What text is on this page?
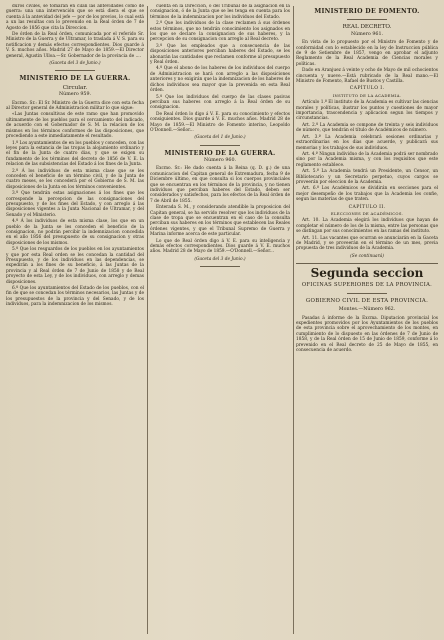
duros civiles, se tomarán en cilan las antevidades como de guerra: una una intervención que se está diera el que se cuenta á la antevidad del jefe — por de los previos, lo cual está a un las resultas con lo prevenido en la Real órden de 7 de Agosto de 1856 que cita la Direccion.

De órden de la Real órden, comunicada por el referido Sr. Ministro de la Guerra y de Ultramar, lo traslada á V. S. para su notificacion y demás efectos correspondientes. Dios guarde á V. S. muchos años. Madrid 27 de Mayo de 1859.—El Director general, Agustin Ulloa.—Sr. Gobernador de la provincia de ....

(Gaceta del 3 de Junio.)

MINISTERIO DE LA GUERRA.

Circular.

Número 959.

Excmo. Sr.: El Sr. Ministro de la Guerra dice con esta fecha al Director general de Administracion militar lo que sigue:

«Las Juntas consultivas de este ramo que han promovido ultimamente de los pueblos para el cercamiento del indicado, de acuerdo con el Gobernador de S. M. la relacion de los mismos en los términos conformes de las disposiciones, que procediendo a este inmediatamente el resultado.

1.º Los ayuntamientos de en los pueblos y conceden, con las leyes para la estancia de las tropas la alojamiento ordinario y el fin de la Junta de cuatro dias, y que se exigen su fundamento de los términos del decreto de 1856 de V. E. la relacion de las subsistencias del Estado á los fines de la Junta.

2.º Á los individuos de esta misma clase que se les conceden el beneficio de un término civil, y de la Junta de cuatro meses, se les concederá por el Gobierno de S. M. las disposiciones de la Junta en los términos convenientes.

3.º Que tendrán estas asignaciones á los fines que les corresponde la percepcion de las consignaciones del presupuesto, y de los fines del Estado, y con arreglo á las disposiciones vigentes a la Junta Nacional de Ultramar, y del Senado y el Ministerio.

4.º Á los individuos de esta misma clase, los que en un pueblo de la Junta se les conceden el beneficio de la consignacion, no podrán percibir la indemnizacion concedida en el año 1856 del presupuesto de su consignacion y otras disposiciones de los mismos.

5.º Que los resguardos de los pueblos en los ayuntamientos y que por esta Real orden se les concedan la cantidad del Presupuesto, y de los individuos en las dependencias, se expedirán a los fines de su beneficio, á las Juntas de la provincia y al Real órden de 7 de Junio de 1858 y de Real proyecto de esta Ley, y de los individuos, con arreglo y demas disposiciones.

6.º Que los ayuntamientos del Estado de los pueblos, con el fin de que se concedan los términos necesarios, las Juntas y de los presupuestos de la provincia y del Senado, y de los individuos, para la indemnizacion de los mismos.

cuenta en la Direccion, ó del Tribunal de la asignacion en la consignacion, ó de la Junta que se les tenga en cuenta para los términos de la indemnizacion por los individuos del Estado.

2.º Que los individuos de la clase reclamen á sus órdenes estos términos, que no tendrán conocimiento los asignados en los que se declare la consignacion de sus haberes, y la percepcion de su consignacion con arreglo al Real decreto.

3.º Que los empleados que a consecuencia de las disposiciones anteriores perciban haberes del Estado, se les abonarán las cantidades que reclamen conforme al presupuesto y Real órden.

4.º Que el abono de los haberes de los individuos del cuerpo de Administracion se hará con arreglo a las disposiciones anteriores y no exigirán que la indemnizacion de los haberes de dichos individuos sea mayor que la prevenida en esta Real órden.

5.º Que los individuos del cuerpo de las clases pasivas perciban sus haberes con arreglo á la Real órden de su consignacion.

De Real órden lo digo á V. E. para su conocimiento y efectos consiguientes. Dios guarde á V. E. muchos años. Madrid 28 de Mayo de 1859.—El Ministro de Fomento interino, Leopoldo O'Donnell.—Señor...

(Gaceta del 1 de Junio.)

MINISTERIO DE LA GUERRA.

Número 960.

Excmo. Sr.: He dado cuenta á la Reina (q. D. g.) de una comunicacion del Capitan general de Extremadura, fecha 9 de Diciembre último, en que consulta si los cuerpos provinciales que se encuentran en los términos de la provincia, y no tienen individuos que perciban haberes del Estado, deben ser considerados y satisfechos, para los efectos de la Real órden de 7 de Abril de 1855.

Enterada S. M., y considerando atendible la proposicion del Capitan general, se ha servido resolver que los individuos de la clase de tropa que se encuentran en el caso de la consulta perciban sus haberes en los términos que establecen las Reales órdenes vigentes, y que el Tribunal Supremo de Guerra y Marina informe acerca de este particular.

Lo que de Real órden digo á V. E. para su inteligencia y demás efectos correspondientes. Dios guarde á V. E. muchos años. Madrid 28 de Mayo de 1859.—O'Donnell.—Señor...

(Gaceta del 3 de Junio.)

MINISTERIO DE FOMENTO.

REAL DECRETO.

Número 961.

En vista de lo propuesto por el Ministro de Fomento y de conformidad con lo establecido en la ley de Instruccion pública de 9 de Setiembre de 1857, vengo en aprobar el adjunto Reglamento de la Real Academia de Ciencias morales y políticas.

Dado en Aranjuez á veinte y ocho de Mayo de mil ochocientos cincuenta y nueve.—Está rubricado de la Real mano.—El Ministro de Fomento, Rafael de Bustos y Castilla.

CAPÍTULO I.

INSTITUTO DE LA ACADEMIA.

Artículo 1.º El instituto de la Academia es cultivar las ciencias morales y políticas, ilustrar los puntos y cuestiones de mayor importancia, trascendencia y aplicacion segun los tiempos y circunstancias.

Art. 2.º La Academia se compone de treinta y seis individuos de número, que tendrán el título de Académicos de número.

Art. 3.º La Academia celebrará sesiones ordinarias y extraordinarias en los dias que acuerde, y publicará sus memorias y los trabajos de sus individuos.

Art. 4.º Ningun individuo de la Academia podrá ser nombrado sino por la Academia misma, y con los requisitos que este reglamento establece.

Art. 5.º La Academia tendrá un Presidente, un Censor, un Bibliotecario y un Secretario perpetuo, cuyos cargos se proveerán por eleccion de la Academia.

Art. 6.º Los Académicos se dividirán en secciones para el mejor desempeño de los trabajos que la Academia les confie, segun las materias de que traten.

CAPÍTULO II.

ELECCIONES DE ACADÉMICOS.

Art. 10. La Academia elegirá los individuos que hayan de completar el número de los de la misma, entre las personas que se distingan por sus conocimientos en las ramas del instituto.

Art. 11. Las vacantes que ocurran se anunciarán en la Gaceta de Madrid, y se proveerán en el término de un mes, previa propuesta de tres individuos de la Academia.

(Se continuará)

Segunda seccion

OFICINAS SUPERIORES DE LA PROVINCIA.

GOBIERNO CIVIL DE ESTA PROVINCIA.

Montes.—Número 962.

Pasadas á informe de la Excma. Diputacion provincial los expedientes promovidos por los Ayuntamientos de los pueblos de esta provincia sobre el aprovechamiento de los montes, en cumplimiento de lo dispuesto en las órdenes de 7 de Junio de 1858, y de la Real órden de 15 de Junio de 1859, conforme á lo prevenido en el Real decreto de 25 de Mayo de 1855, en consecuencia de acuerdo.
